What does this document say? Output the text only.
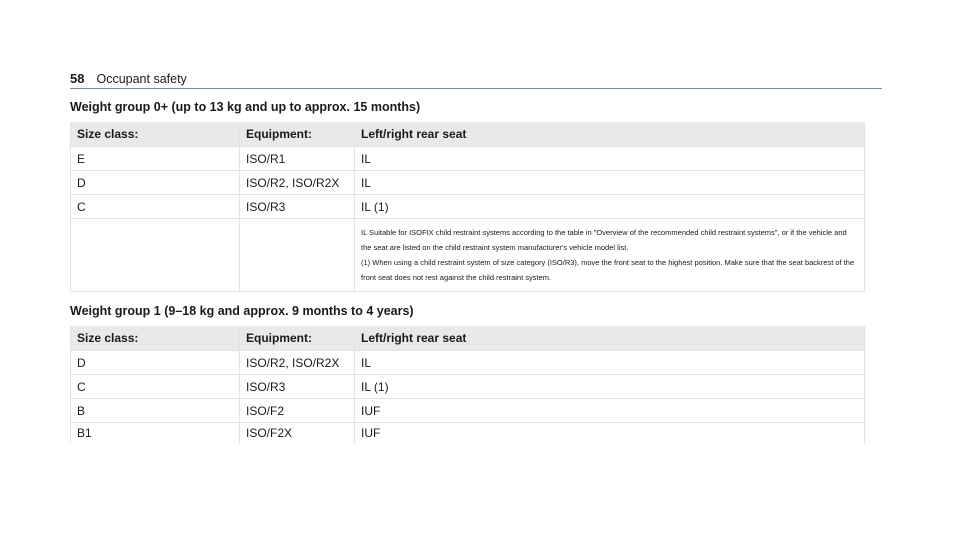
58 Occupant safety
Weight group 0+ (up to 13 kg and up to approx. 15 months)
Size class:	Equipment:	Left/right rear seat
E	ISO/R1	IL
D	ISO/R2, ISO/R2X	IL
C	ISO/R3	IL (1)

		IL Suitable for ISOFIX child restraint systems according to the table in "Overview of the recommended child restraint systems", or if the vehicle and the seat are listed on the child restraint system manufacturer's vehicle model list.

(1) When using a child restraint system of size category (ISO/R3), move the front seat to the highest position. Make sure that the seat backrest of the front seat does not rest against the child restraint system.

Weight group 1 (9–18 kg and approx. 9 months to 4 years)
Size class:	Equipment:	Left/right rear seat
D	ISO/R2, ISO/R2X	IL
C	ISO/R3	IL (1)
B	ISO/F2	IUF
B1	ISO/F2X	IUF
